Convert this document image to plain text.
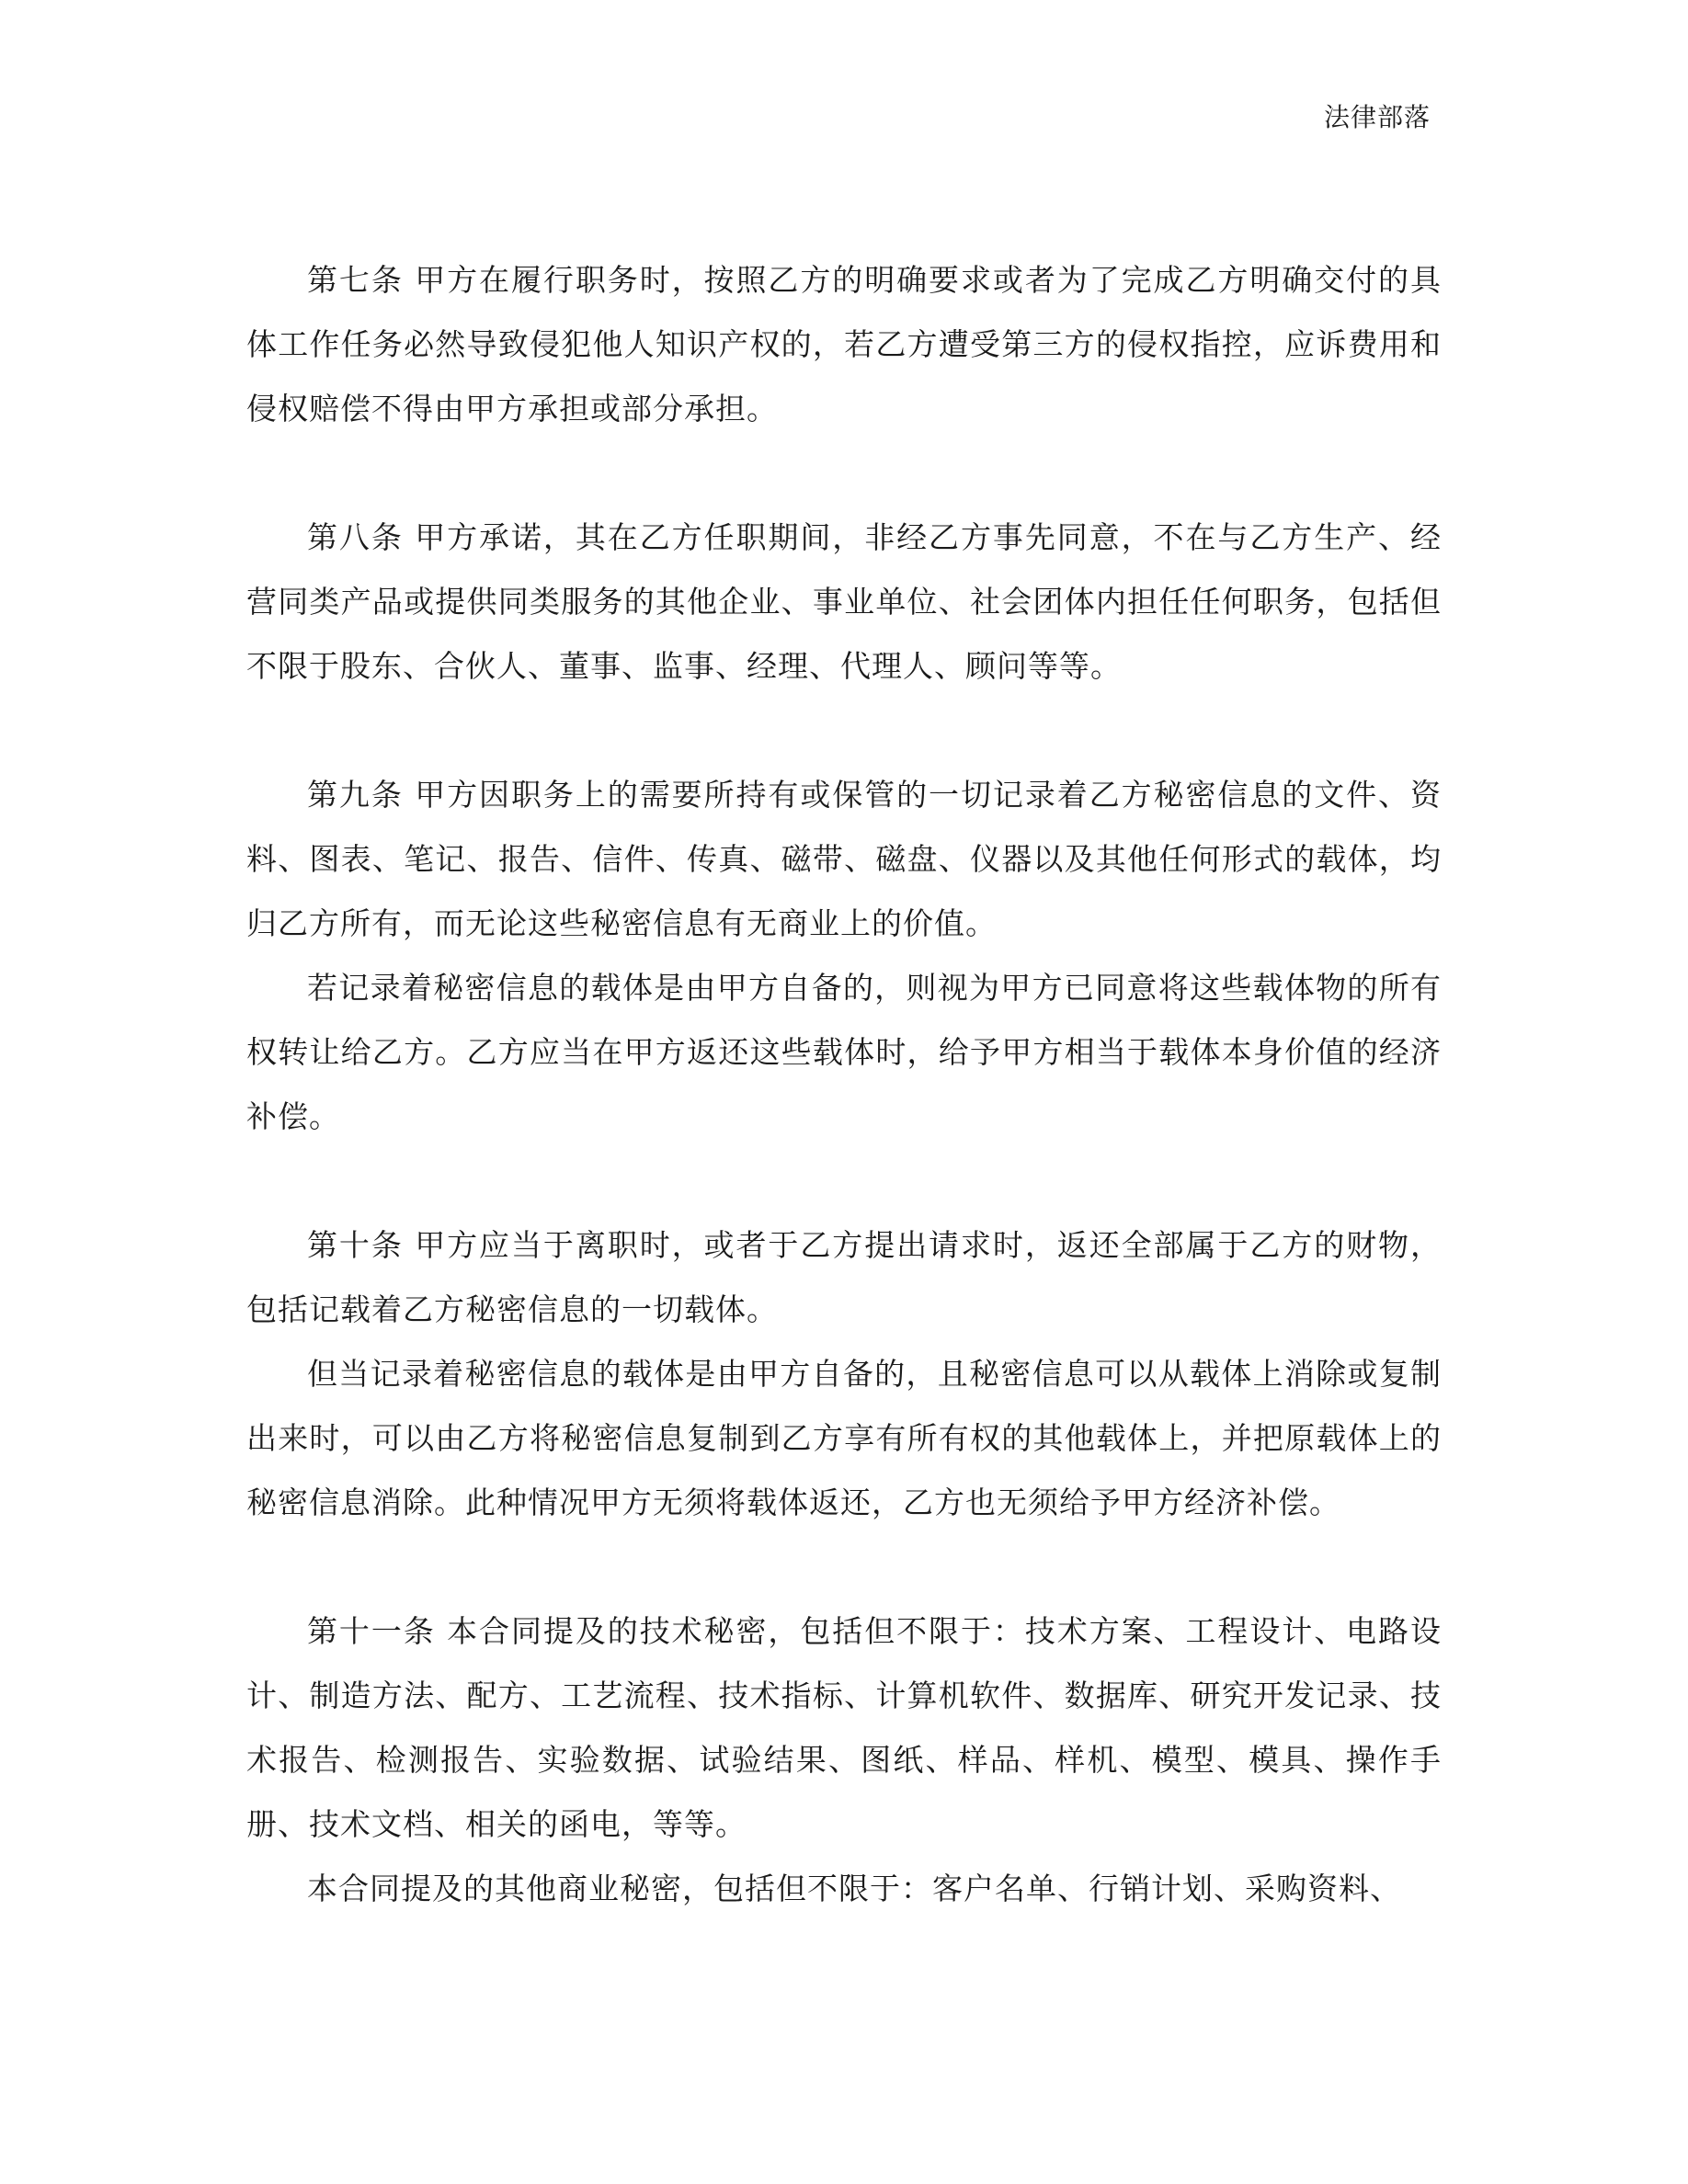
法律部落

第七条 甲方在履行职务时，按照乙方的明确要求或者为了完成乙方明确交付的具体工作任务必然导致侵犯他人知识产权的，若乙方遭受第三方的侵权指控，应诉费用和侵权赔偿不得由甲方承担或部分承担。

第八条 甲方承诺，其在乙方任职期间，非经乙方事先同意，不在与乙方生产、经营同类产品或提供同类服务的其他企业、事业单位、社会团体内担任任何职务，包括但不限于股东、合伙人、董事、监事、经理、代理人、顾问等等。

第九条 甲方因职务上的需要所持有或保管的一切记录着乙方秘密信息的文件、资料、图表、笔记、报告、信件、传真、磁带、磁盘、仪器以及其他任何形式的载体，均归乙方所有，而无论这些秘密信息有无商业上的价值。

若记录着秘密信息的载体是由甲方自备的，则视为甲方已同意将这些载体物的所有权转让给乙方。乙方应当在甲方返还这些载体时，给予甲方相当于载体本身价值的经济补偿。

第十条 甲方应当于离职时，或者于乙方提出请求时，返还全部属于乙方的财物，包括记载着乙方秘密信息的一切载体。

但当记录着秘密信息的载体是由甲方自备的，且秘密信息可以从载体上消除或复制出来时，可以由乙方将秘密信息复制到乙方享有所有权的其他载体上，并把原载体上的秘密信息消除。此种情况甲方无须将载体返还，乙方也无须给予甲方经济补偿。

第十一条 本合同提及的技术秘密，包括但不限于：技术方案、工程设计、电路设计、制造方法、配方、工艺流程、技术指标、计算机软件、数据库、研究开发记录、技术报告、检测报告、实验数据、试验结果、图纸、样品、样机、模型、模具、操作手册、技术文档、相关的函电，等等。

本合同提及的其他商业秘密，包括但不限于：客户名单、行销计划、采购资料、
